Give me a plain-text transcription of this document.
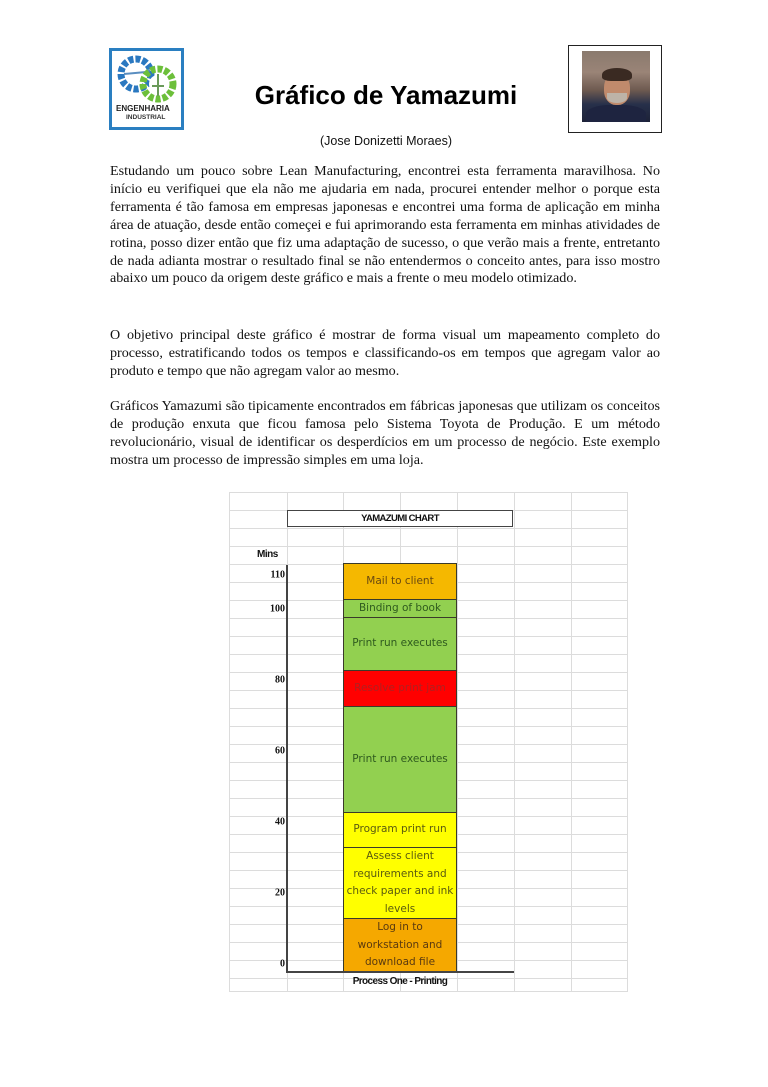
ENGENHARIA
INDUSTRIAL
Gráfico de Yamazumi
(Jose Donizetti Moraes)

Estudando um pouco sobre Lean Manufacturing, encontrei esta ferramenta maravilhosa. No início eu verifiquei que ela não me ajudaria em nada, procurei entender melhor o porque esta ferramenta é tão famosa em empresas japonesas e encontrei uma forma de aplicação em minha área de atuação, desde então começei e fui aprimorando esta ferramenta em minhas atividades de rotina, posso dizer então que fiz uma adaptação de sucesso, o que verão mais a frente, entretanto de nada adianta mostrar o resultado final se não entendermos o conceito antes, para isso mostro abaixo um pouco da origem deste gráfico e mais a frente o meu modelo otimizado.

O objetivo principal deste gráfico é mostrar de forma visual um mapeamento completo do processo, estratificando todos os tempos e classificando-os em tempos que agregam valor ao produto e tempo que não agregam valor ao mesmo.

Gráficos Yamazumi são tipicamente encontrados em fábricas japonesas que utilizam os conceitos de produção enxuta que ficou famosa pelo Sistema Toyota de Produção. E um método revolucionário, visual de identificar os desperdícios em um processo de negócio. Este exemplo mostra um processo de impressão simples em uma loja.

YAMAZUMI CHART
Mins
110
100
80
60
40
20
0
Mail to client
Binding of book
Print run executes
Resolve print jam
Print run executes
Program print run
Assess client requirements and check paper and ink levels
Log in to workstation and download file
Process One - Printing
